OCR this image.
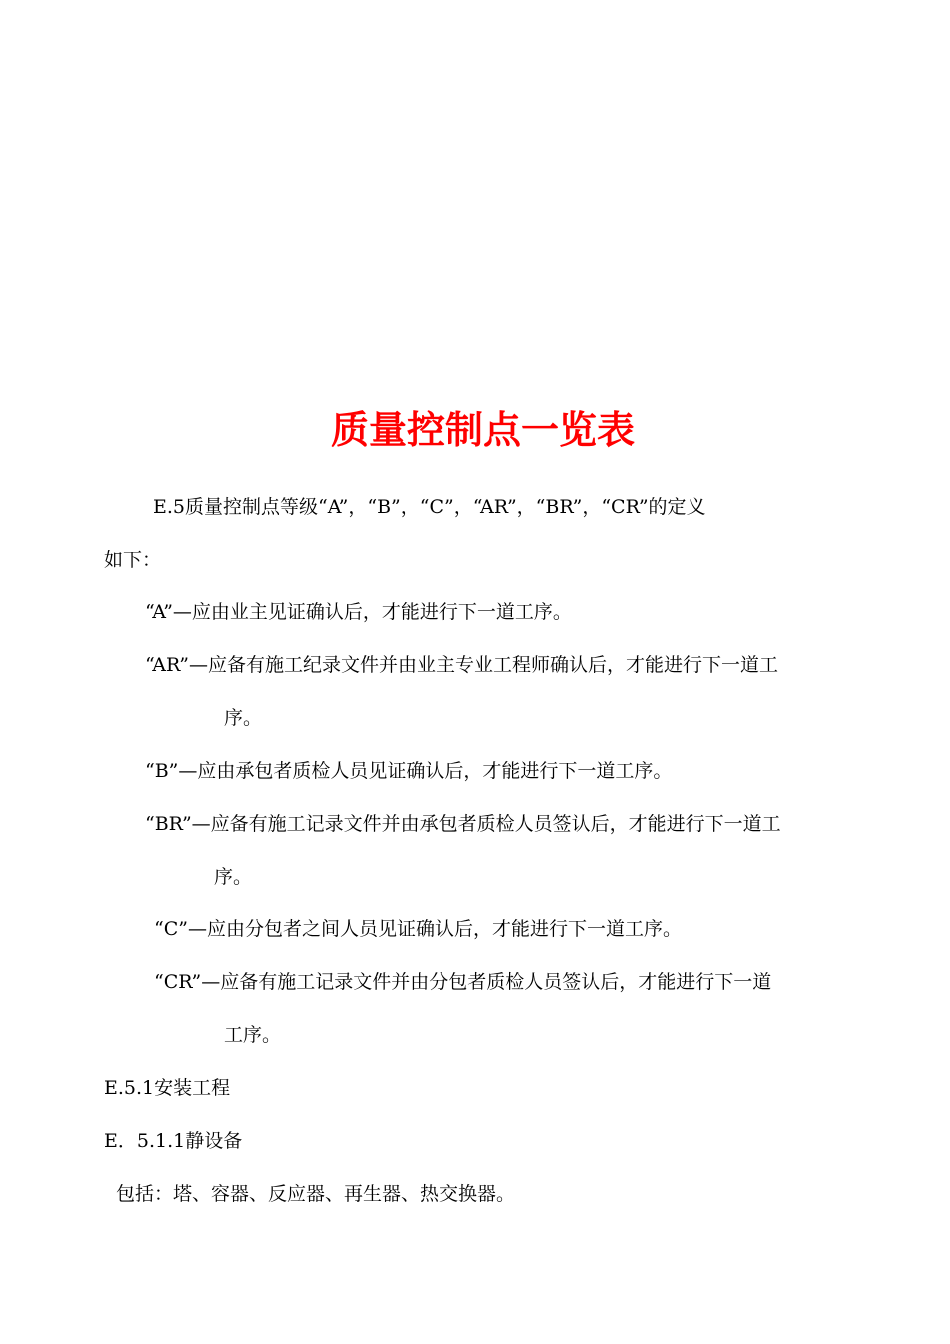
质量控制点一览表

E.5质量控制点等级“A”，“B”，“C”，“AR”，“BR”，“CR”的定义

如下：

“A”—应由业主见证确认后，才能进行下一道工序。

“AR”—应备有施工纪录文件并由业主专业工程师确认后，才能进行下一道工

序。

“B”—应由承包者质检人员见证确认后，才能进行下一道工序。

“BR”—应备有施工记录文件并由承包者质检人员签认后，才能进行下一道工

序。

“C”—应由分包者之间人员见证确认后，才能进行下一道工序。

“CR”—应备有施工记录文件并由分包者质检人员签认后，才能进行下一道

工序。

E.5.1安装工程

E．5.1.1静设备

包括：塔、容器、反应器、再生器、热交换器。
